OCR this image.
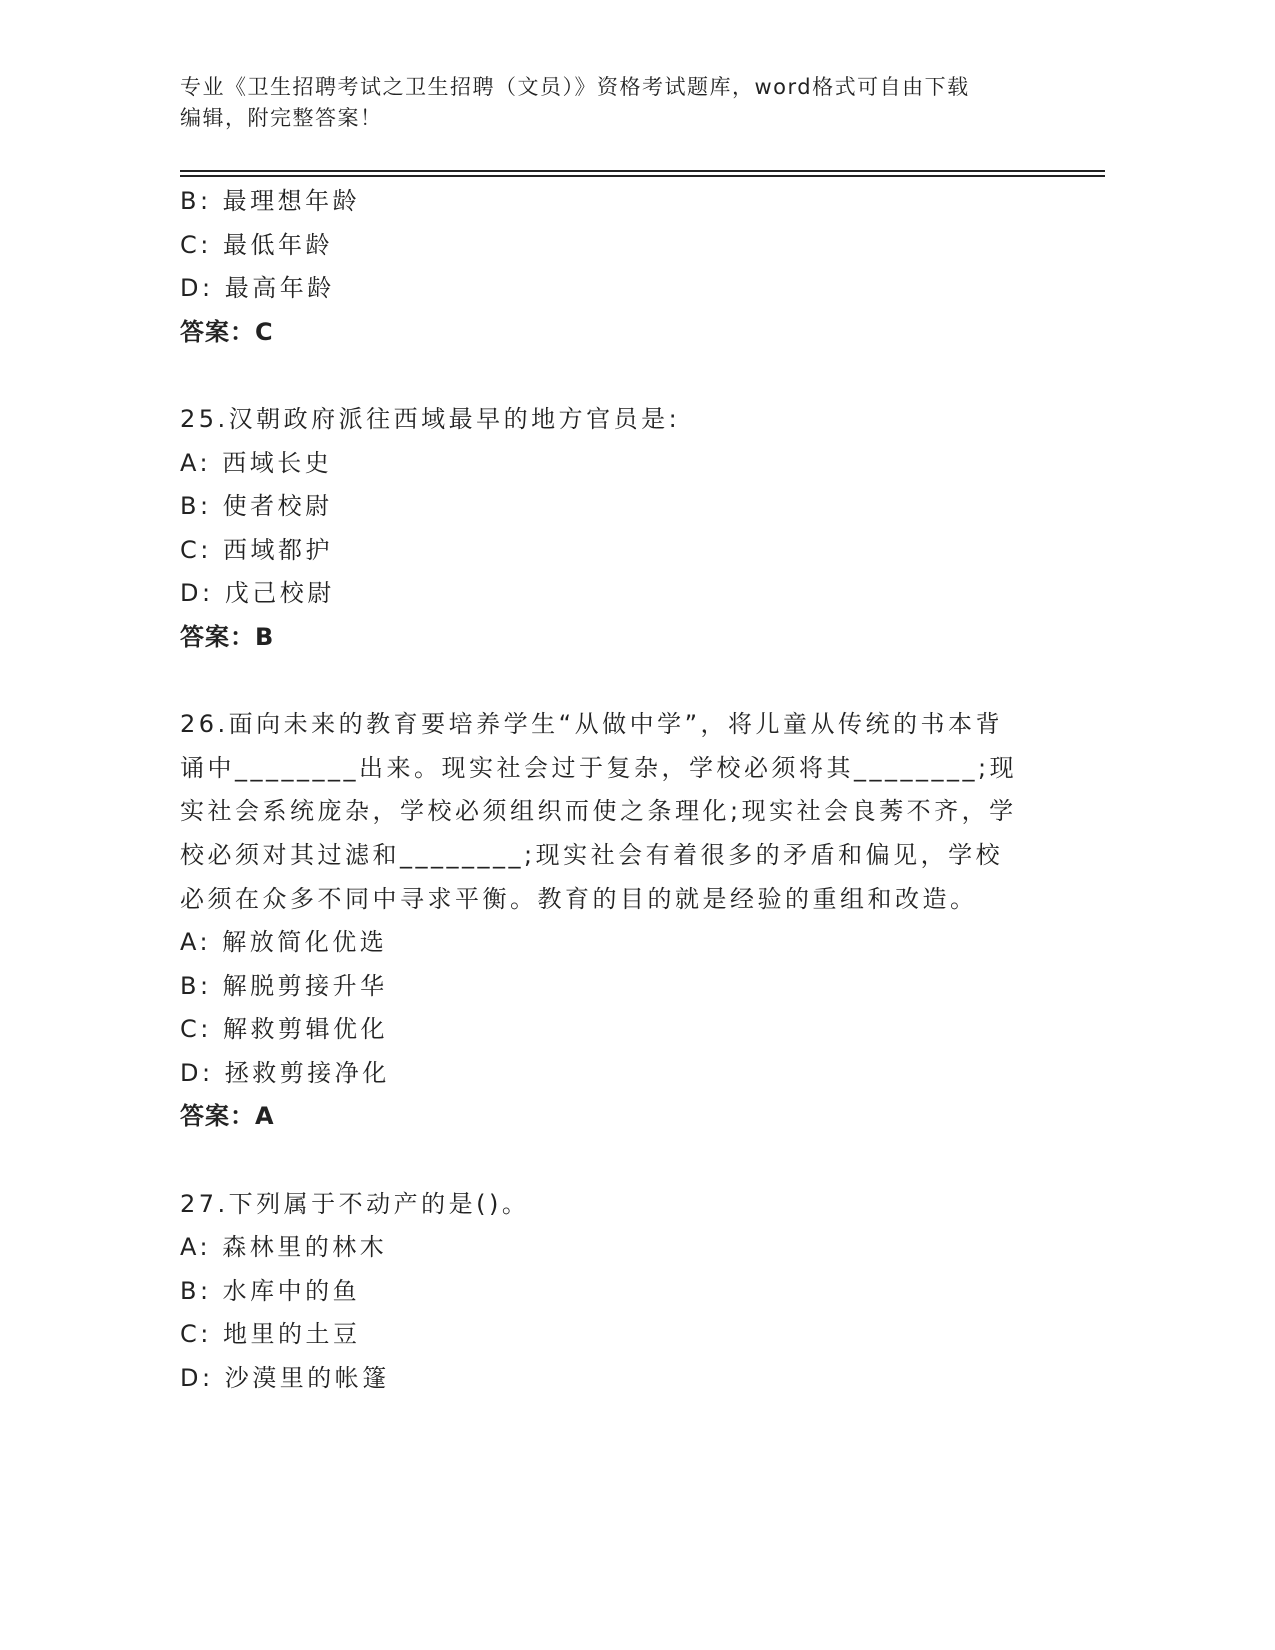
专业《卫生招聘考试之卫生招聘（文员）》资格考试题库，word格式可自由下载
编辑，附完整答案！
B: 最理想年龄
C: 最低年龄
D: 最高年龄
答案：C
25.汉朝政府派往西域最早的地方官员是:
A: 西域长史
B: 使者校尉
C: 西域都护
D: 戊己校尉
答案：B
26.面向未来的教育要培养学生“从做中学”，将儿童从传统的书本背诵中________出来。现实社会过于复杂，学校必须将其________;现实社会系统庞杂，学校必须组织而使之条理化;现实社会良莠不齐，学校必须对其过滤和________;现实社会有着很多的矛盾和偏见，学校必须在众多不同中寻求平衡。教育的目的就是经验的重组和改造。
A: 解放简化优选
B: 解脱剪接升华
C: 解救剪辑优化
D: 拯救剪接净化
答案：A
27.下列属于不动产的是()。
A: 森林里的林木
B: 水库中的鱼
C: 地里的土豆
D: 沙漠里的帐篷
